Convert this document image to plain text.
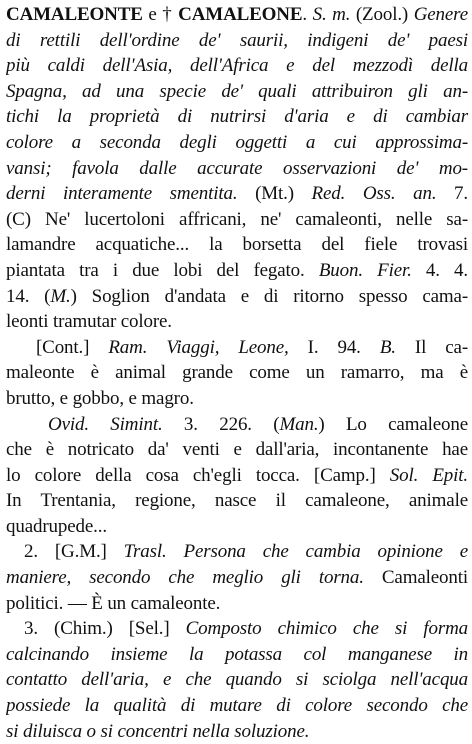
CAMALEONTE e † CAMALEONE. S. m. (Zool.) Genere
di rettili dell'ordine de' saurii, indigeni de' paesi
più caldi dell'Asia, dell'Africa e del mezzodì della
Spagna, ad una specie de' quali attribuiron gli an-
tichi la proprietà di nutrirsi d'aria e di cambiar
colore a seconda degli oggetti a cui approssima-
vansi; favola dalle accurate osservazioni de' mo-
derni interamente smentita. (Mt.) Red. Oss. an. 7.
(C) Ne' lucertoloni affricani, ne' camaleonti, nelle sa-
lamandre acquatiche... la borsetta del fiele trovasi
piantata tra i due lobi del fegato. Buon. Fier. 4. 4.
14. (M.) Soglion d'andata e di ritorno spesso cama-
leonti tramutar colore.
[Cont.] Ram. Viaggi, Leone, I. 94. B. Il ca-
maleonte è animal grande come un ramarro, ma è
brutto, e gobbo, e magro.
Ovid. Simint. 3. 226. (Man.) Lo camaleone
che è notricato da' venti e dall'aria, incontanente hae
lo colore della cosa ch'egli tocca. [Camp.] Sol. Epit.
In Trentania, regione, nasce il camaleone, animale
quadrupede...
2. [G.M.] Trasl. Persona che cambia opinione e
maniere, secondo che meglio gli torna. Camaleonti
politici. — È un camaleonte.
3. (Chim.) [Sel.] Composto chimico che si forma
calcinando insieme la potassa col manganese in
contatto dell'aria, e che quando si sciolga nell'acqua
possiede la qualità di mutare di colore secondo che
si diluisca o si concentri nella soluzione.
